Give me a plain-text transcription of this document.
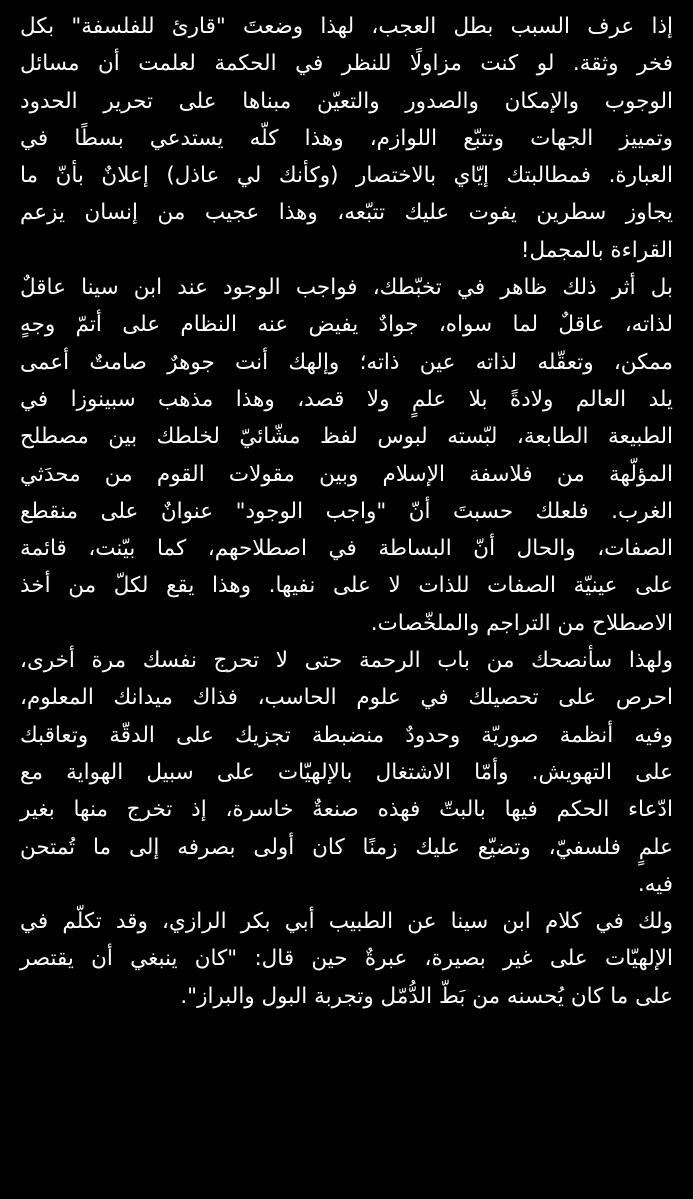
إذا عرف السبب بطل العجب، لهذا وضعتَ "قارئ للفلسفة" بكل
فخر وثقة. لو كنت مزاولًا للنظر في الحكمة لعلمت أن مسائل
الوجوب والإمكان والصدور والتعيّن مبناها على تحرير الحدود
وتمييز الجهات وتتبّع اللوازم، وهذا كلّه يستدعي بسطًا في
العبارة. فمطالبتك إيّاي بالاختصار (وكأنك لي عاذل) إعلانٌ بأنّ ما
يجاوز سطرين يفوت عليك تتبّعه، وهذا عجيب من إنسان يزعم
القراءة بالمجمل!
بل أثر ذلك ظاهر في تخبّطك، فواجب الوجود عند ابن سينا عاقلٌ
لذاته، عاقلٌ لما سواه، جوادٌ يفيض عنه النظام على أتمّ وجهٍ
ممكن، وتعقّله لذاته عين ذاته؛ وإلهك أنت جوهرٌ صامتٌ أعمى
يلد العالم ولادةً بلا علمٍ ولا قصد، وهذا مذهب سبينوزا في
الطبيعة الطابعة، لبّسته لبوس لفظ مشّائيّ لخلطك بين مصطلح
المؤلّهة من فلاسفة الإسلام وبين مقولات القوم من محدَثي
الغرب. فلعلك حسبتَ أنّ "واجب الوجود" عنوانٌ على منقطع
الصفات، والحال أنّ البساطة في اصطلاحهم، كما بيّنت، قائمة
على عينيّة الصفات للذات لا على نفيها. وهذا يقع لكلّ من أخذ
الاصطلاح من التراجم والملخّصات.
ولهذا سأنصحك من باب الرحمة حتى لا تحرج نفسك مرة أخرى،
احرص على تحصيلك في علوم الحاسب، فذاك ميدانك المعلوم،
وفيه أنظمة صوريّة وحدودٌ منضبطة تجزيك على الدقّة وتعاقبك
على التهويش. وأمّا الاشتغال بالإلهيّات على سبيل الهواية مع
ادّعاء الحكم فيها بالبتّ فهذه صنعةٌ خاسرة، إذ تخرج منها بغير
علمٍ فلسفيّ، وتضيّع عليك زمنًا كان أولى بصرفه إلى ما تُمتحن
فيه.
ولك في كلام ابن سينا عن الطبيب أبي بكر الرازي، وقد تكلّم في
الإلهيّات على غير بصيرة، عبرةٌ حين قال: "كان ينبغي أن يقتصر
على ما كان يُحسنه من بَطّ الدُّمّل وتجربة البول والبراز".
